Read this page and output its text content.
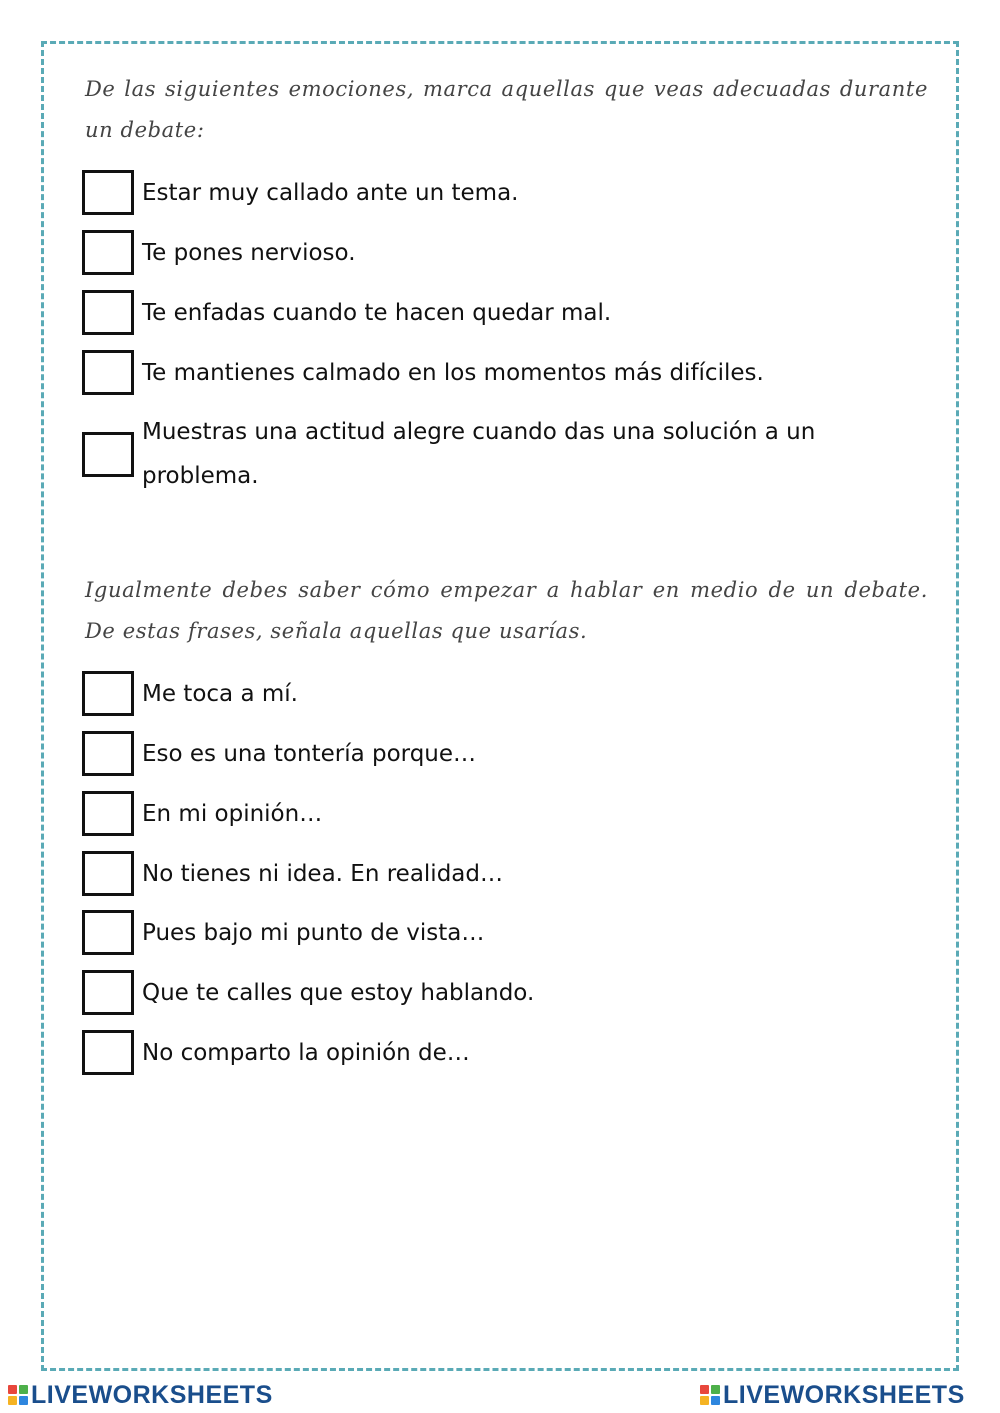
De las siguientes emociones, marca aquellas que veas adecuadas durante un debate:
Estar muy callado ante un tema.
Te pones nervioso.
Te enfadas cuando te hacen quedar mal.
Te mantienes calmado en los momentos más difíciles.
Muestras una actitud alegre cuando das una solución a un problema.
Igualmente debes saber cómo empezar a hablar en medio de un debate. De estas frases, señala aquellas que usarías.
Me toca a mí.
Eso es una tontería porque…
En mi opinión…
No tienes ni idea. En realidad…
Pues bajo mi punto de vista…
Que te calles que estoy hablando.
No comparto la opinión de…
LIVEWORKSHEETS	LIVEWORKSHEETS
